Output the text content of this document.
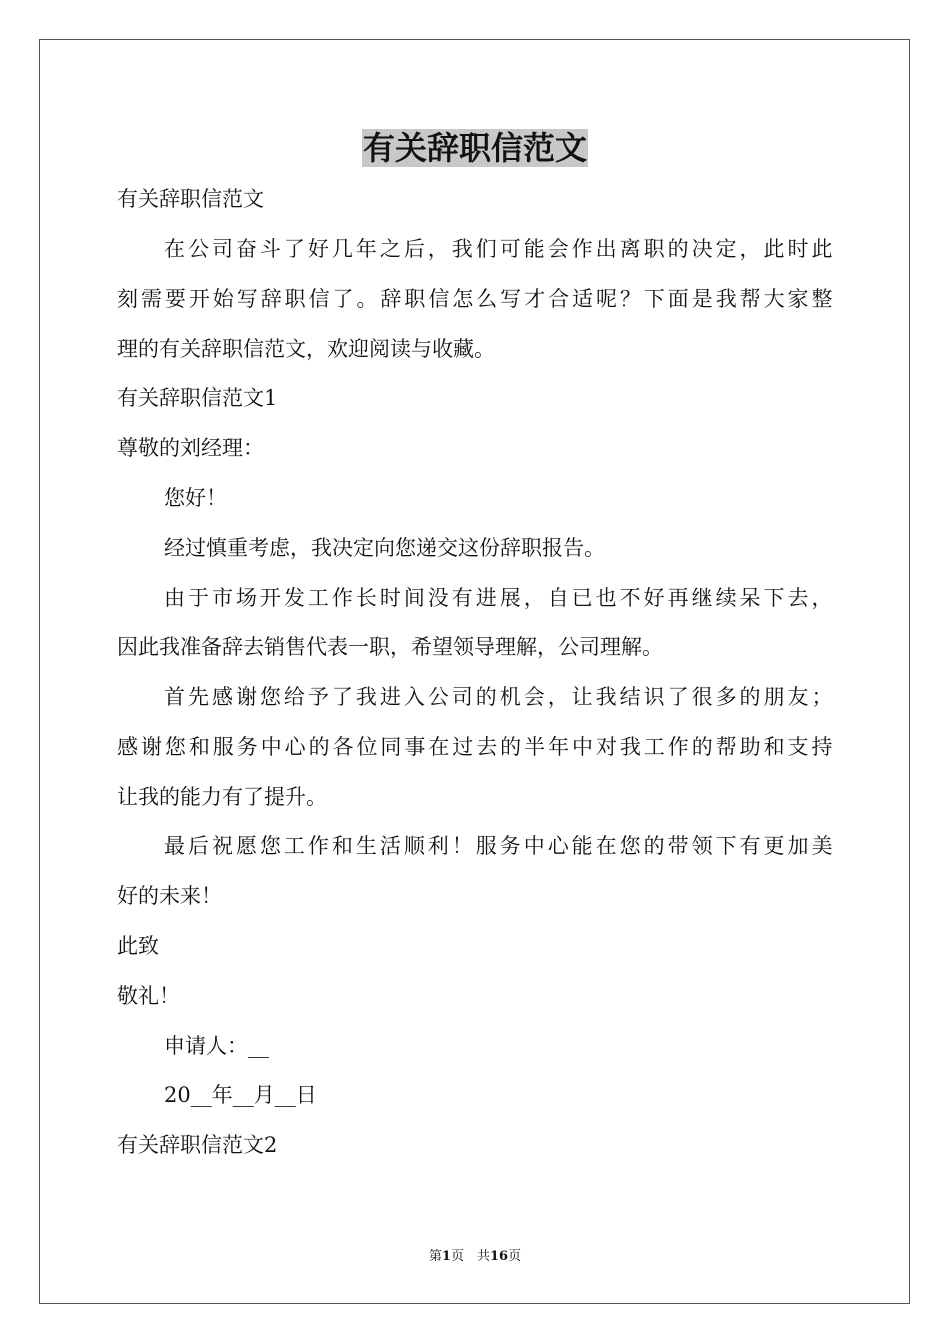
有关辞职信范文

有关辞职信范文

在公司奋斗了好几年之后，我们可能会作出离职的决定，此时此

刻需要开始写辞职信了。辞职信怎么写才合适呢？下面是我帮大家整

理的有关辞职信范文，欢迎阅读与收藏。

有关辞职信范文1

尊敬的刘经理：

您好！

经过慎重考虑，我决定向您递交这份辞职报告。

由于市场开发工作长时间没有进展，自已也不好再继续呆下去，

因此我准备辞去销售代表一职，希望领导理解，公司理解。

首先感谢您给予了我进入公司的机会，让我结识了很多的朋友；

感谢您和服务中心的各位同事在过去的半年中对我工作的帮助和支持

让我的能力有了提升。

最后祝愿您工作和生活顺利！服务中心能在您的带领下有更加美

好的未来！

此致

敬礼！

申请人：__

20__年__月__日

有关辞职信范文2

第1页　共16页
